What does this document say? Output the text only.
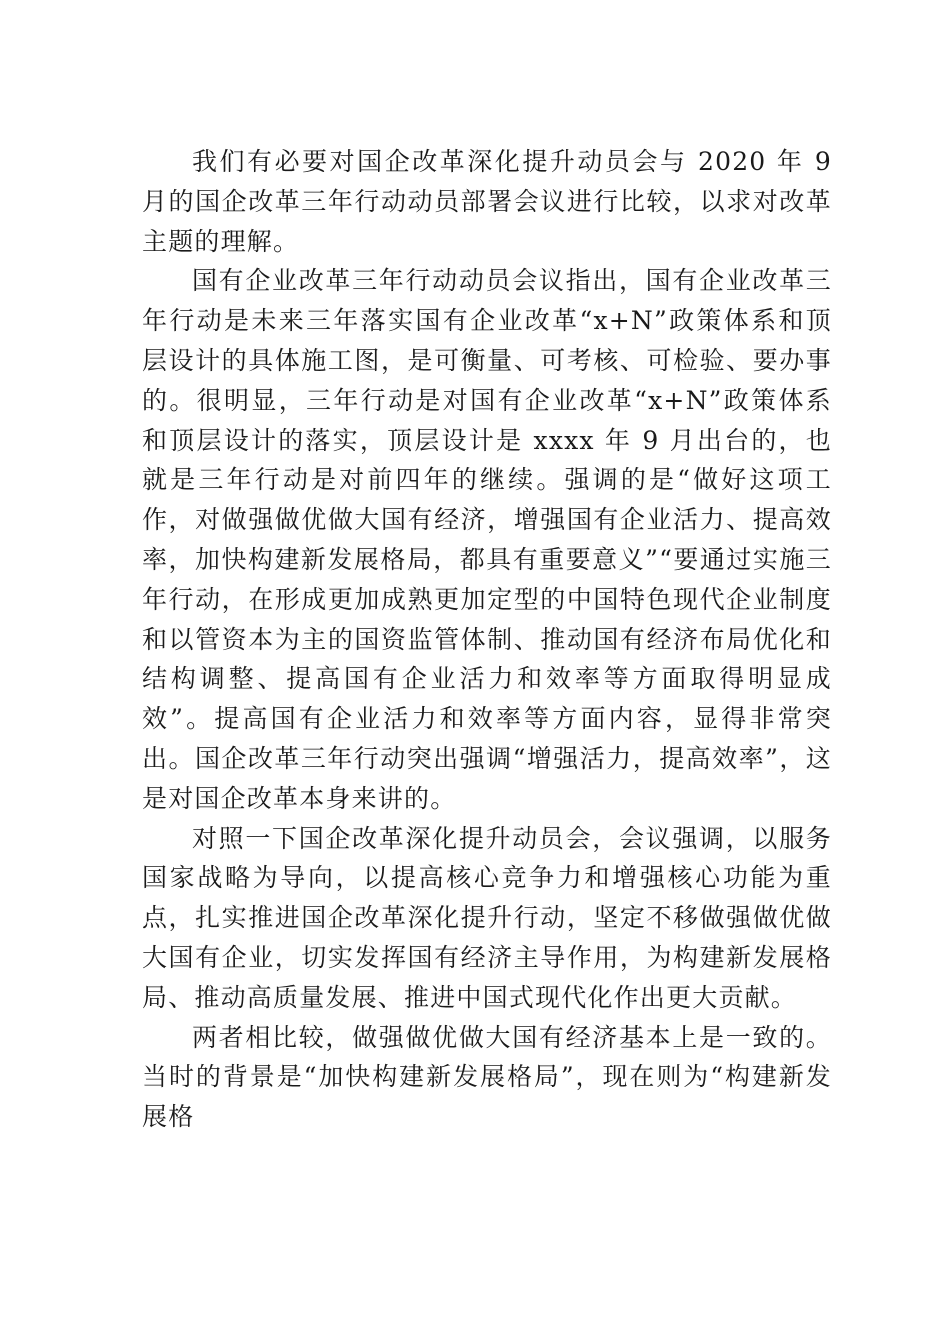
我们有必要对国企改革深化提升动员会与 2020 年 9 月的国企改革三年行动动员部署会议进行比较，以求对改革主题的理解。

国有企业改革三年行动动员会议指出，国有企业改革三年行动是未来三年落实国有企业改革“x+N”政策体系和顶层设计的具体施工图，是可衡量、可考核、可检验、要办事的。很明显，三年行动是对国有企业改革“x+N”政策体系和顶层设计的落实，顶层设计是 xxxx 年 9 月出台的，也就是三年行动是对前四年的继续。强调的是“做好这项工作，对做强做优做大国有经济，增强国有企业活力、提高效率，加快构建新发展格局，都具有重要意义”“要通过实施三年行动，在形成更加成熟更加定型的中国特色现代企业制度和以管资本为主的国资监管体制、推动国有经济布局优化和结构调整、提高国有企业活力和效率等方面取得明显成效”。提高国有企业活力和效率等方面内容，显得非常突出。国企改革三年行动突出强调“增强活力，提高效率”，这是对国企改革本身来讲的。

对照一下国企改革深化提升动员会，会议强调，以服务国家战略为导向，以提高核心竞争力和增强核心功能为重点，扎实推进国企改革深化提升行动，坚定不移做强做优做大国有企业，切实发挥国有经济主导作用，为构建新发展格局、推动高质量发展、推进中国式现代化作出更大贡献。

两者相比较，做强做优做大国有经济基本上是一致的。当时的背景是“加快构建新发展格局”，现在则为“构建新发展格
